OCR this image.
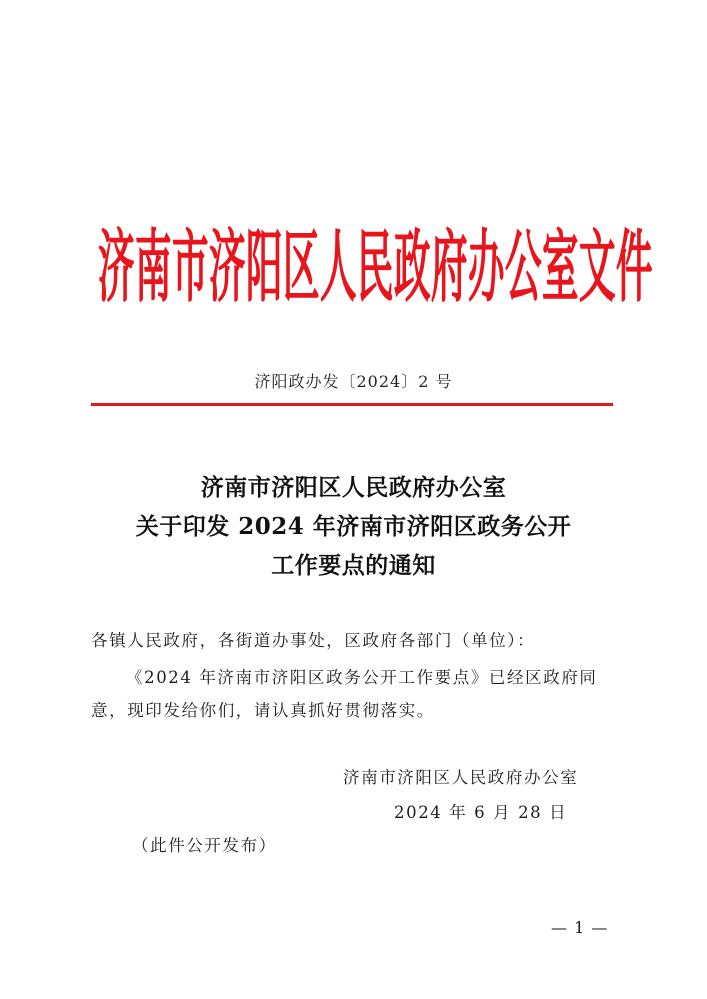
济 南 市 济 阳 区 人 民 政 府 办 公 室 文 件
济阳政办发〔2024〕2 号
济南市济阳区人民政府办公室
关于印发 2024 年济南市济阳区政务公开
工作要点的通知
各镇人民政府，各街道办事处，区政府各部门（单位）：
《2024 年济南市济阳区政务公开工作要点》已经区政府同
意，现印发给你们，请认真抓好贯彻落实。
济南市济阳区人民政府办公室
2024 年 6 月 28 日
（此件公开发布）
— 1 —
